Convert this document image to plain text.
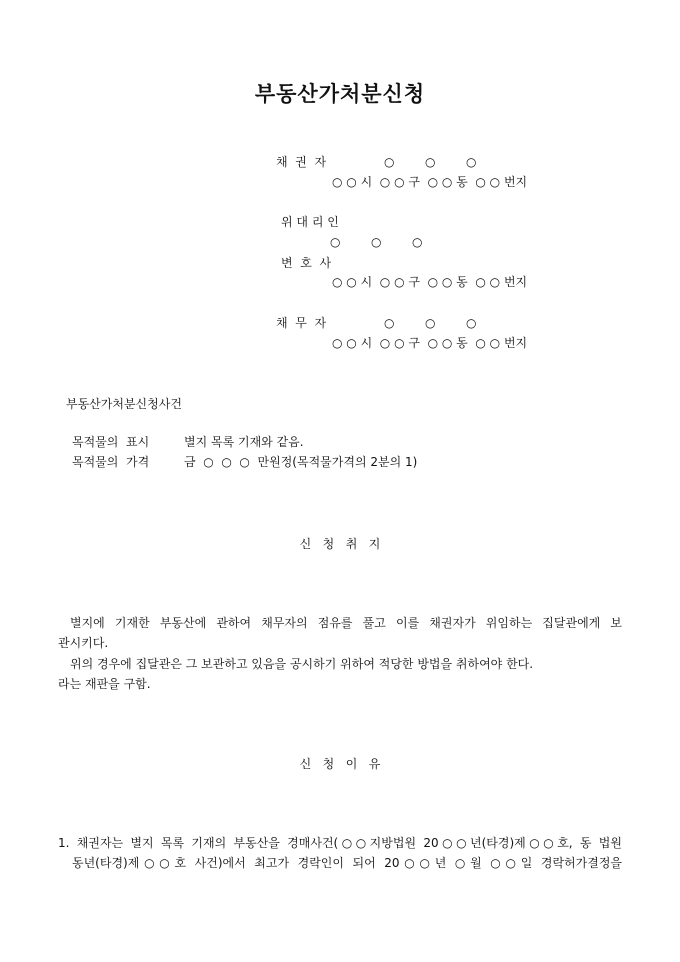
부동산가처분신청
채  권  자	○        ○        ○
○ ○ 시  ○ ○ 구  ○ ○ 동  ○ ○ 번지
위 대 리 인
○        ○        ○
변  호  사
○ ○ 시  ○ ○ 구  ○ ○ 동  ○ ○ 번지
채  무  자	○        ○        ○
○ ○ 시  ○ ○ 구  ○ ○ 동  ○ ○ 번지
부동산가처분신청사건
목적물의  표시	별지 목록 기재와 같음.
목적물의  가격	금  ○  ○  ○  만원정(목적물가격의 2분의 1)
신   청   취   지
별지에 기재한 부동산에 관하여 채무자의 점유를 풀고 이를 채권자가 위임하는 집달관에게 보
관시키다.
위의 경우에 집달관은 그 보관하고 있음을 공시하기 위하여 적당한 방법을 취하여야 한다.
라는 재판을 구함.
신   청   이   유
1. 채권자는 별지 목록 기재의 부동산을 경매사건(○○지방법원 20○○년(타경)제○○호, 동 법원
동년(타경)제○○호 사건)에서 최고가 경락인이 되어 20○○년 ○월 ○○일 경락허가결정을
